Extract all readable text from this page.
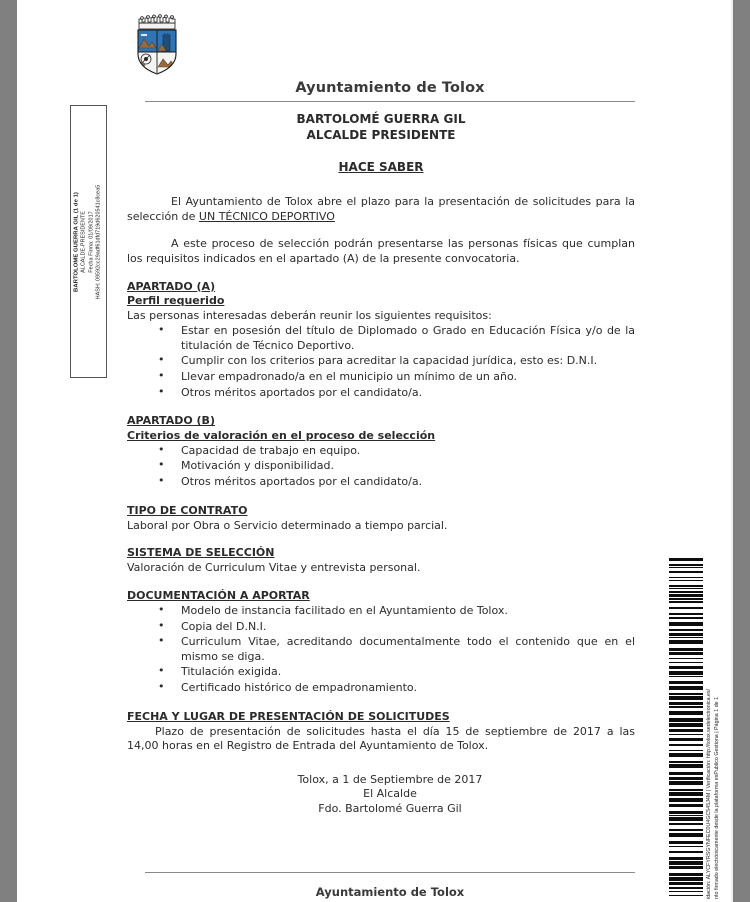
Ayuntamiento de Tolox
BARTOLOMÉ GUERRA GIL
ALCALDE PRESIDENTE
HACE SABER

El Ayuntamiento de Tolox abre el plazo para la presentación de solicitudes para la selección de UN TÉCNICO DEPORTIVO

A este proceso de selección podrán presentarse las personas físicas que cumplan los requisitos indicados en el apartado (A) de la presente convocatoria.

APARTADO (A)
Perfil requerido
Las personas interesadas deberán reunir los siguientes requisitos:
• Estar en posesión del título de Diplomado o Grado en Educación Física y/o de la titulación de Técnico Deportivo.
• Cumplir con los criterios para acreditar la capacidad jurídica, esto es: D.N.I.
• Llevar empadronado/a en el municipio un mínimo de un año.
• Otros méritos aportados por el candidato/a.
APARTADO (B)
Criterios de valoración en el proceso de selección
• Capacidad de trabajo en equipo.
• Motivación y disponibilidad.
• Otros méritos aportados por el candidato/a.
TIPO DE CONTRATO
Laboral por Obra o Servicio determinado a tiempo parcial.
SISTEMA DE SELECCIÓN
Valoración de Curriculum Vitae y entrevista personal.
DOCUMENTACIÓN A APORTAR
• Modelo de instancia facilitado en el Ayuntamiento de Tolox.
• Copia del D.N.I.
• Curriculum Vitae, acreditando documentalmente todo el contenido que en el mismo se diga.
• Titulación exigida.
• Certificado histórico de empadronamiento.
FECHA Y LUGAR DE PRESENTACIÓN DE SOLICITUDES
Plazo de presentación de solicitudes hasta el día 15 de septiembre de 2017 a las 14,00 horas en el Registro de Entrada del Ayuntamiento de Tolox.
Tolox, a 1 de Septiembre de 2017
El Alcalde
Fdo. Bartolomé Guerra Gil
Ayuntamiento de Tolox
BARTOLOME GUERRA GIL (1 de 1) ALCALDE-PRESIDENTE Fecha Firma: 01/09/2017 HASH: 09592cc29adf61dfd719d620541c8cea5
idación: ALYCFYRSGYNFEC0U4GC545J4M | Verificación: http://tolox.sedelectronica.es/ nto firmado electrónicamente desde la plataforma esPublico Gestiona | Página 1 de 1
